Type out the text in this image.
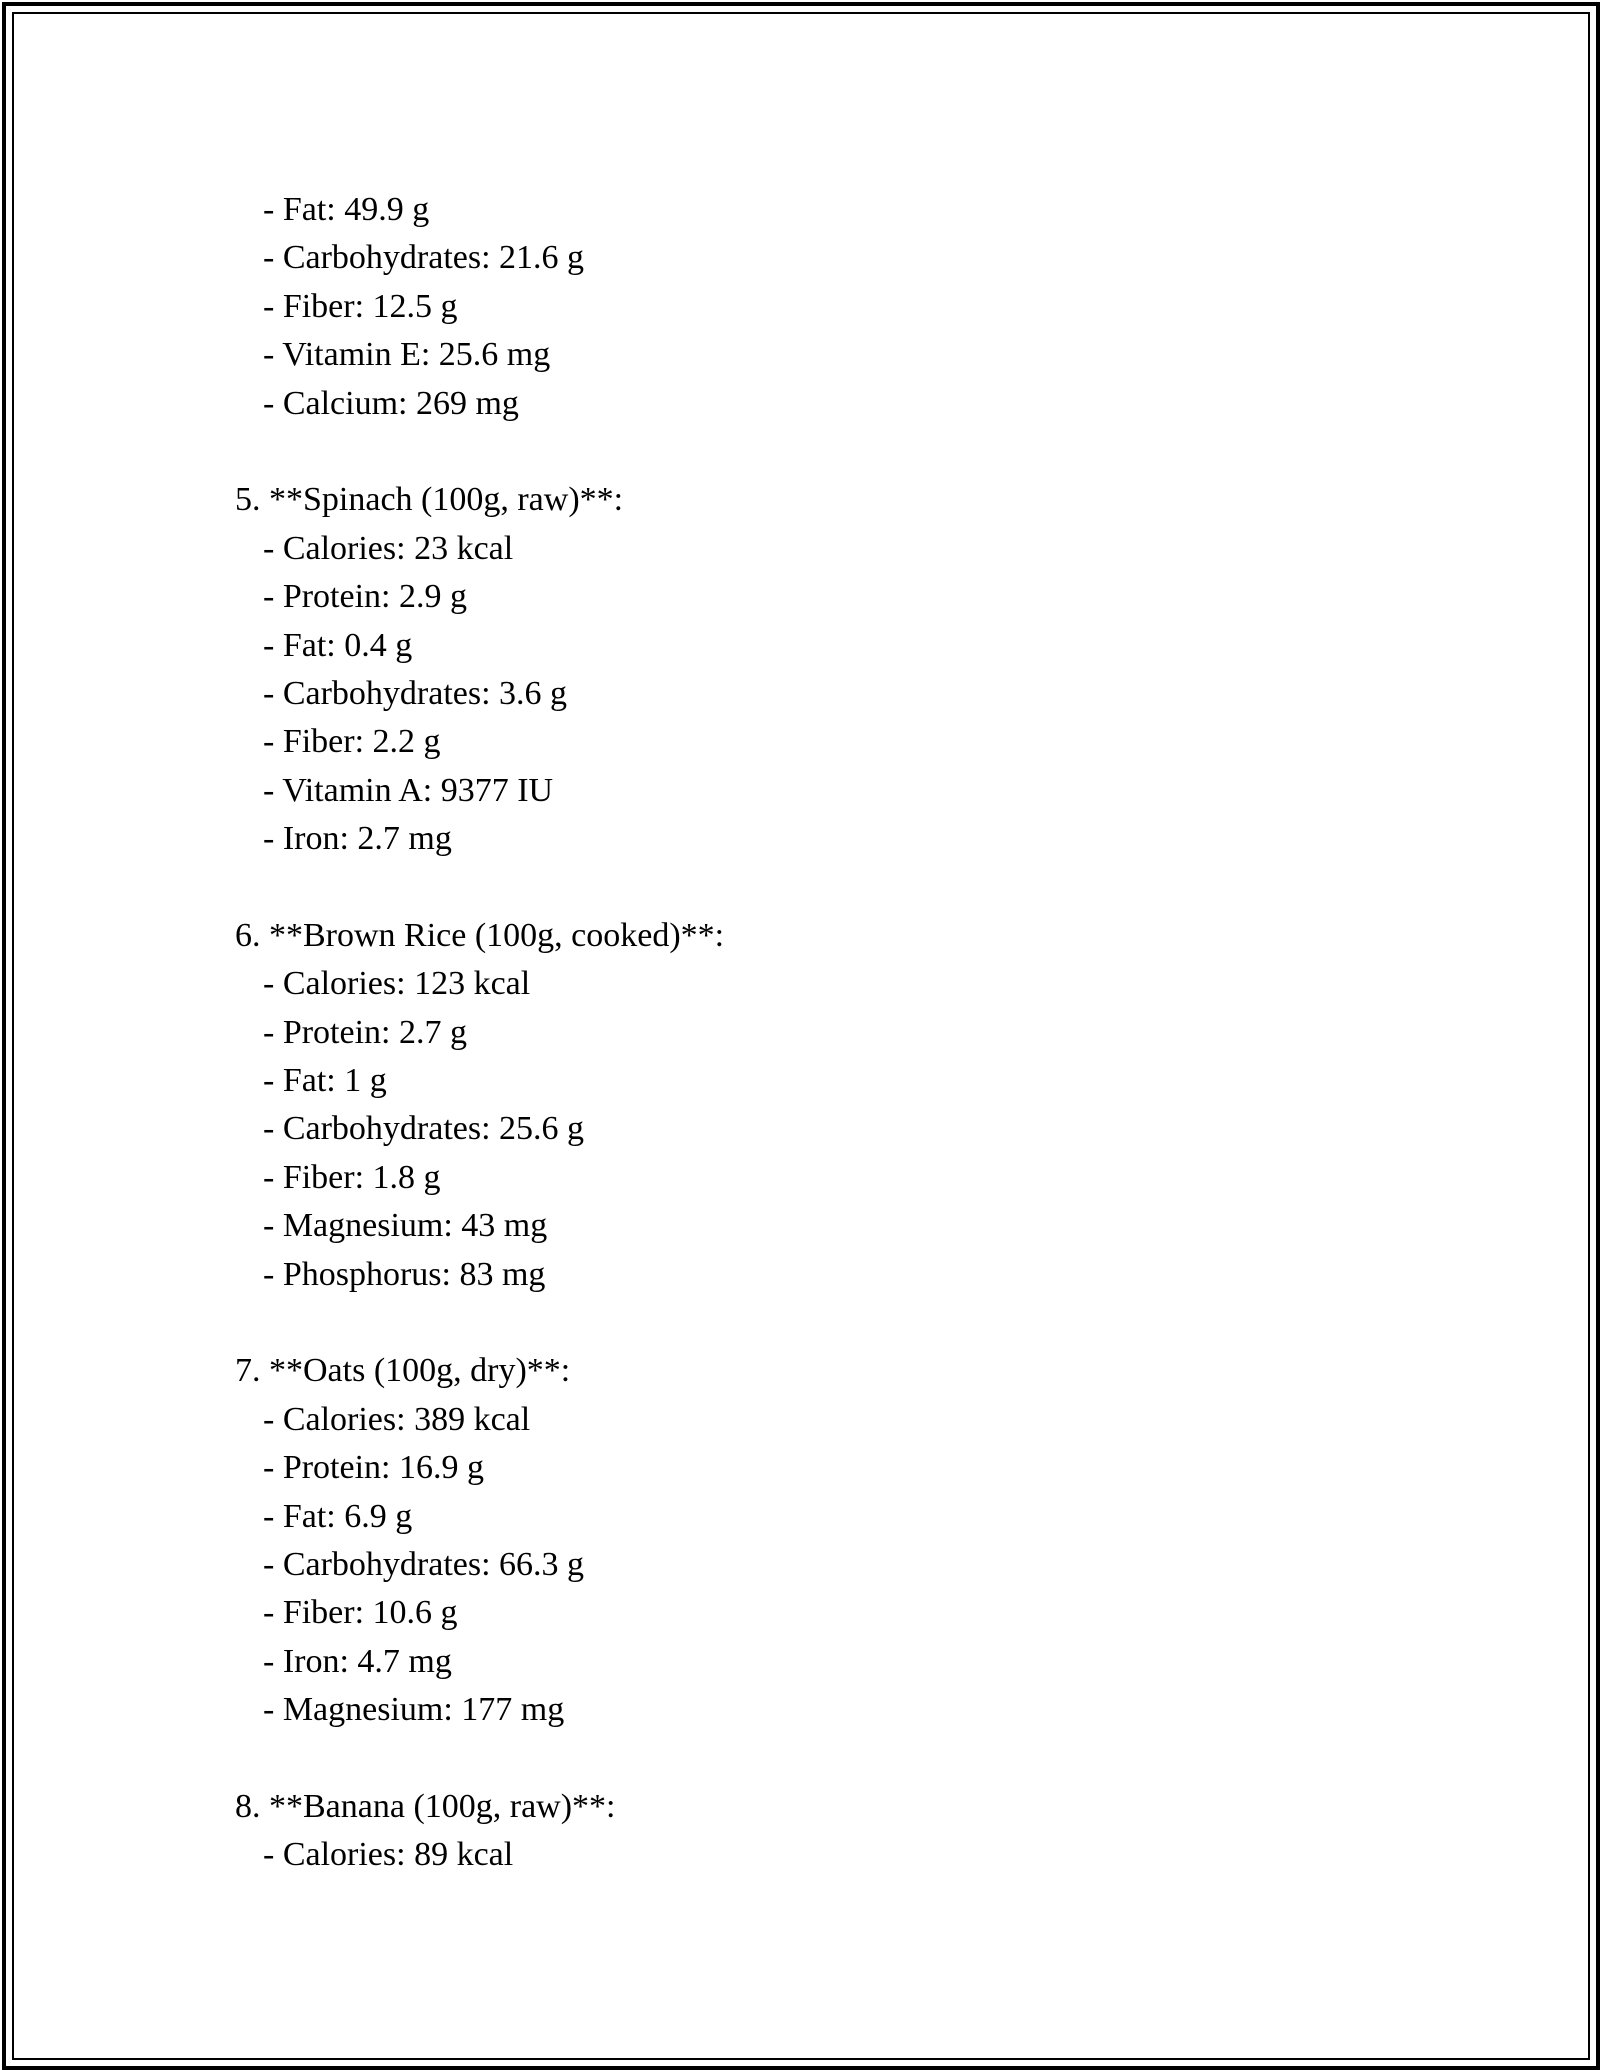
- Fat: 49.9 g
- Carbohydrates: 21.6 g
- Fiber: 12.5 g
- Vitamin E: 25.6 mg
- Calcium: 269 mg
5. **Spinach (100g, raw)**:
- Calories: 23 kcal
- Protein: 2.9 g
- Fat: 0.4 g
- Carbohydrates: 3.6 g
- Fiber: 2.2 g
- Vitamin A: 9377 IU
- Iron: 2.7 mg
6. **Brown Rice (100g, cooked)**:
- Calories: 123 kcal
- Protein: 2.7 g
- Fat: 1 g
- Carbohydrates: 25.6 g
- Fiber: 1.8 g
- Magnesium: 43 mg
- Phosphorus: 83 mg
7. **Oats (100g, dry)**:
- Calories: 389 kcal
- Protein: 16.9 g
- Fat: 6.9 g
- Carbohydrates: 66.3 g
- Fiber: 10.6 g
- Iron: 4.7 mg
- Magnesium: 177 mg
8. **Banana (100g, raw)**:
- Calories: 89 kcal
